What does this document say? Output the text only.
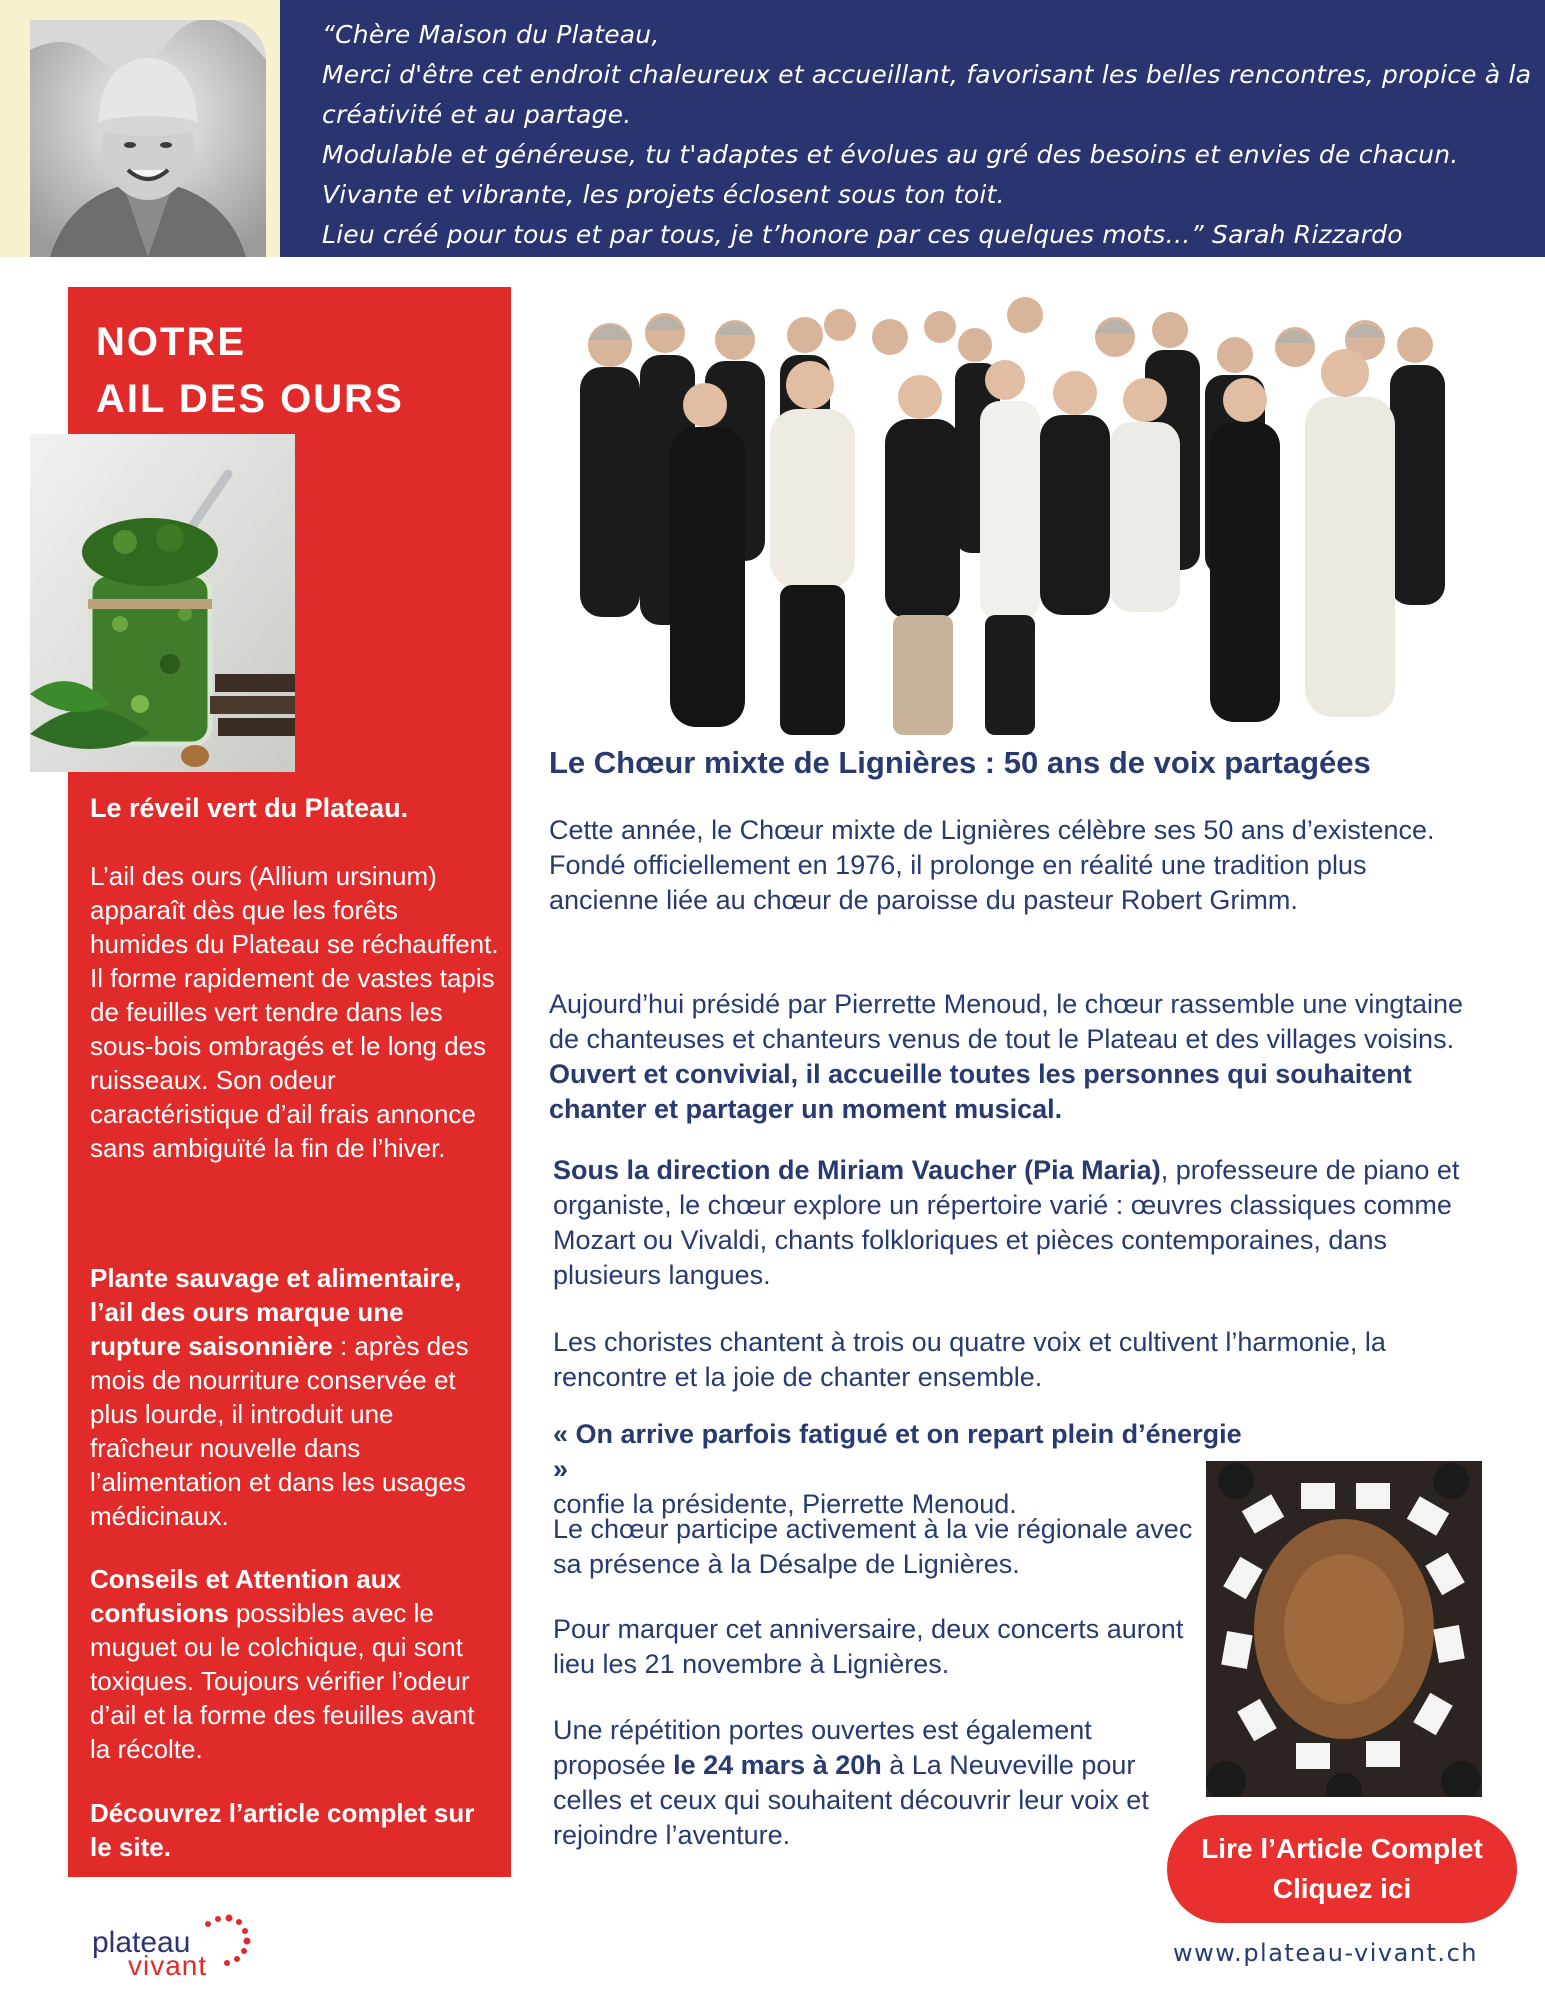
“Chère Maison du Plateau,
Merci d'être cet endroit chaleureux et accueillant, favorisant les belles rencontres, propice à la
créativité et au partage.
Modulable et généreuse, tu t'adaptes et évolues au gré des besoins et envies de chacun.
Vivante et vibrante, les projets éclosent sous ton toit.
Lieu créé pour tous et par tous, je t’honore par ces quelques mots…” Sarah Rizzardo
NOTRE
AIL DES OURS
Le réveil vert du Plateau.
L’ail des ours (Allium ursinum) apparaît dès que les forêts humides du Plateau se réchauffent. Il forme rapidement de vastes tapis de feuilles vert tendre dans les sous-bois ombragés et le long des ruisseaux. Son odeur caractéristique d’ail frais annonce sans ambiguïté la fin de l’hiver.
Plante sauvage et alimentaire, l’ail des ours marque une rupture saisonnière : après des mois de nourriture conservée et plus lourde, il introduit une fraîcheur nouvelle dans l’alimentation et dans les usages médicinaux.
Conseils et Attention aux confusions possibles avec le muguet ou le colchique, qui sont toxiques. Toujours vérifier l’odeur d’ail et la forme des feuilles avant la récolte.
Découvrez l’article complet sur le site.
Le Chœur mixte de Lignières : 50 ans de voix partagées
Cette année, le Chœur mixte de Lignières célèbre ses 50 ans d’existence. Fondé officiellement en 1976, il prolonge en réalité une tradition plus ancienne liée au chœur de paroisse du pasteur Robert Grimm.
Aujourd’hui présidé par Pierrette Menoud, le chœur rassemble une vingtaine de chanteuses et chanteurs venus de tout le Plateau et des villages voisins. Ouvert et convivial, il accueille toutes les personnes qui souhaitent chanter et partager un moment musical.
Sous la direction de Miriam Vaucher (Pia Maria), professeure de piano et organiste, le chœur explore un répertoire varié : œuvres classiques comme Mozart ou Vivaldi, chants folkloriques et pièces contemporaines, dans plusieurs langues.
Les choristes chantent à trois ou quatre voix et cultivent l’harmonie, la rencontre et la joie de chanter ensemble.
« On arrive parfois fatigué et on repart plein d’énergie »
confie la présidente, Pierrette Menoud.
Le chœur participe activement à la vie régionale avec sa présence à la Désalpe de Lignières.
Pour marquer cet anniversaire, deux concerts auront lieu les 21 novembre à Lignières.
Une répétition portes ouvertes est également proposée le 24 mars à 20h à La Neuveville pour celles et ceux qui souhaitent découvrir leur voix et rejoindre l’aventure.	Lire l’Article Complet
Cliquez ici
plateau
vivant	www.plateau-vivant.ch
